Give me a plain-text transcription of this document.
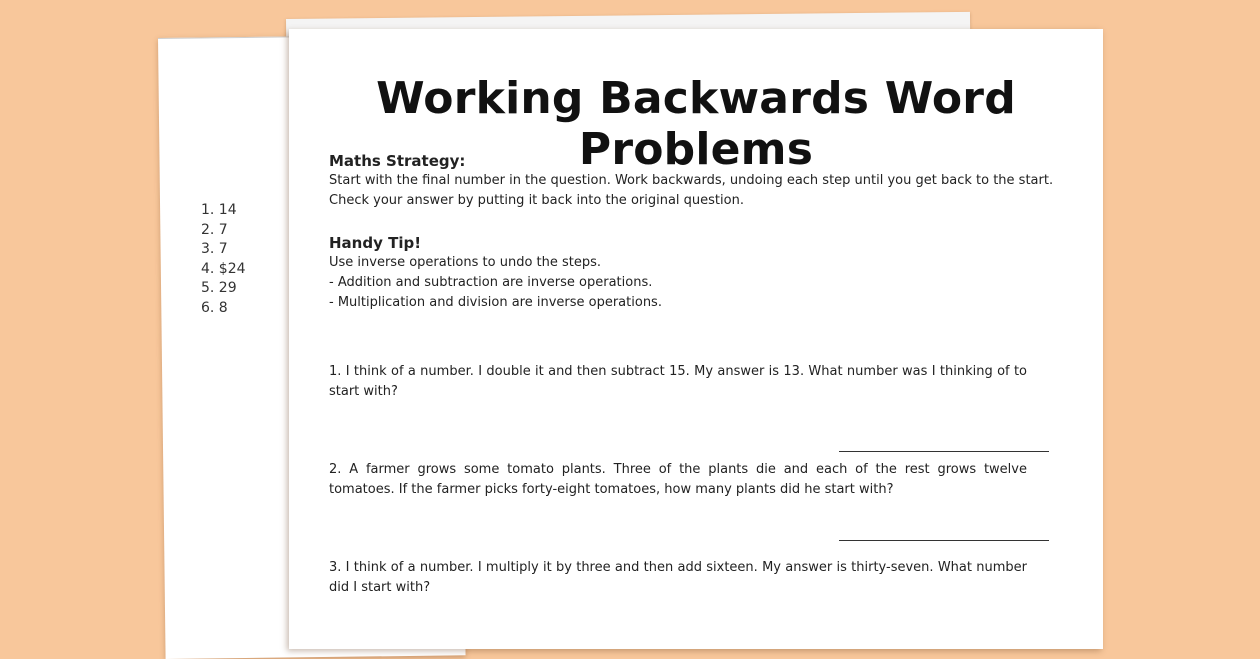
1. 14
2. 7
3. 7
4. $24
5. 29
6. 8
Working Backwards Word Problems

Maths Strategy:

Start with the final number in the question. Work backwards, undoing each step until you get back to the start.

Check your answer by putting it back into the original question.

Handy Tip!

Use inverse operations to undo the steps.

- Addition and subtraction are inverse operations.

- Multiplication and division are inverse operations.

1. I think of a number. I double it and then subtract 15. My answer is 13. What number was I thinking of to start with?

2. A farmer grows some tomato plants. Three of the plants die and each of the rest grows twelve tomatoes. If the farmer picks forty-eight tomatoes, how many plants did he start with?

3. I think of a number. I multiply it by three and then add sixteen. My answer is thirty-seven. What number did I start with?
